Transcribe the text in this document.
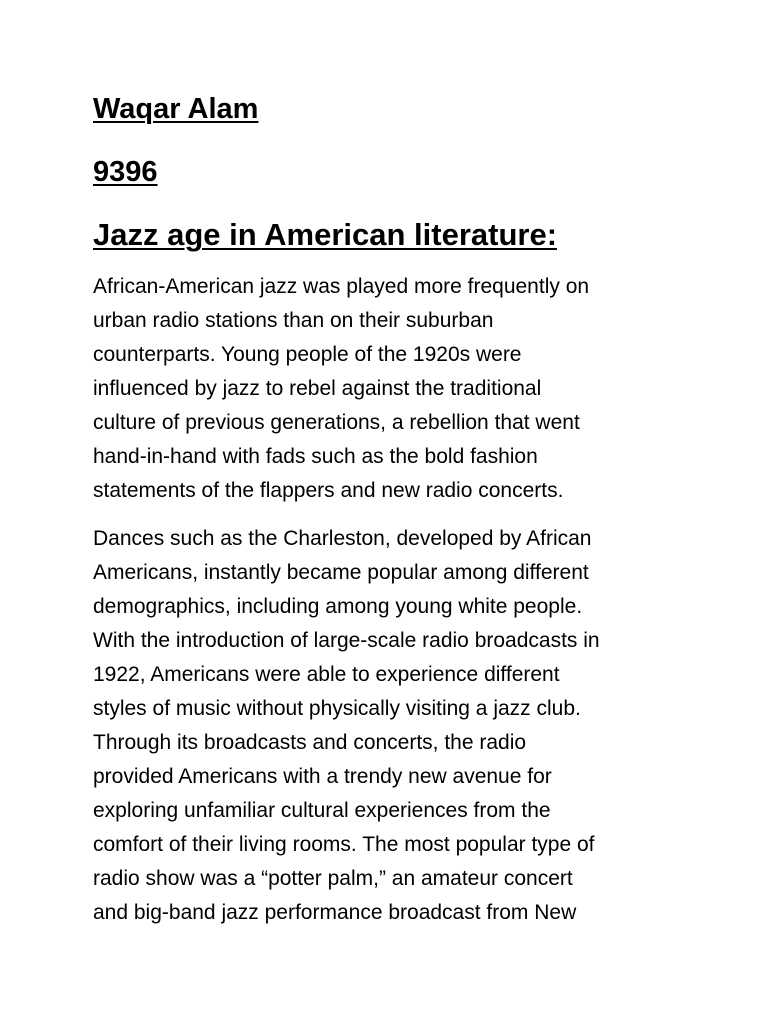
Waqar Alam
9396
Jazz age in American literature:

African-American jazz was played more frequently on
urban radio stations than on their suburban
counterparts. Young people of the 1920s were
influenced by jazz to rebel against the traditional
culture of previous generations, a rebellion that went
hand-in-hand with fads such as the bold fashion
statements of the flappers and new radio concerts.

Dances such as the Charleston, developed by African
Americans, instantly became popular among different
demographics, including among young white people.
With the introduction of large-scale radio broadcasts in
1922, Americans were able to experience different
styles of music without physically visiting a jazz club.
Through its broadcasts and concerts, the radio
provided Americans with a trendy new avenue for
exploring unfamiliar cultural experiences from the
comfort of their living rooms. The most popular type of
radio show was a “potter palm,” an amateur concert
and big-band jazz performance broadcast from New
